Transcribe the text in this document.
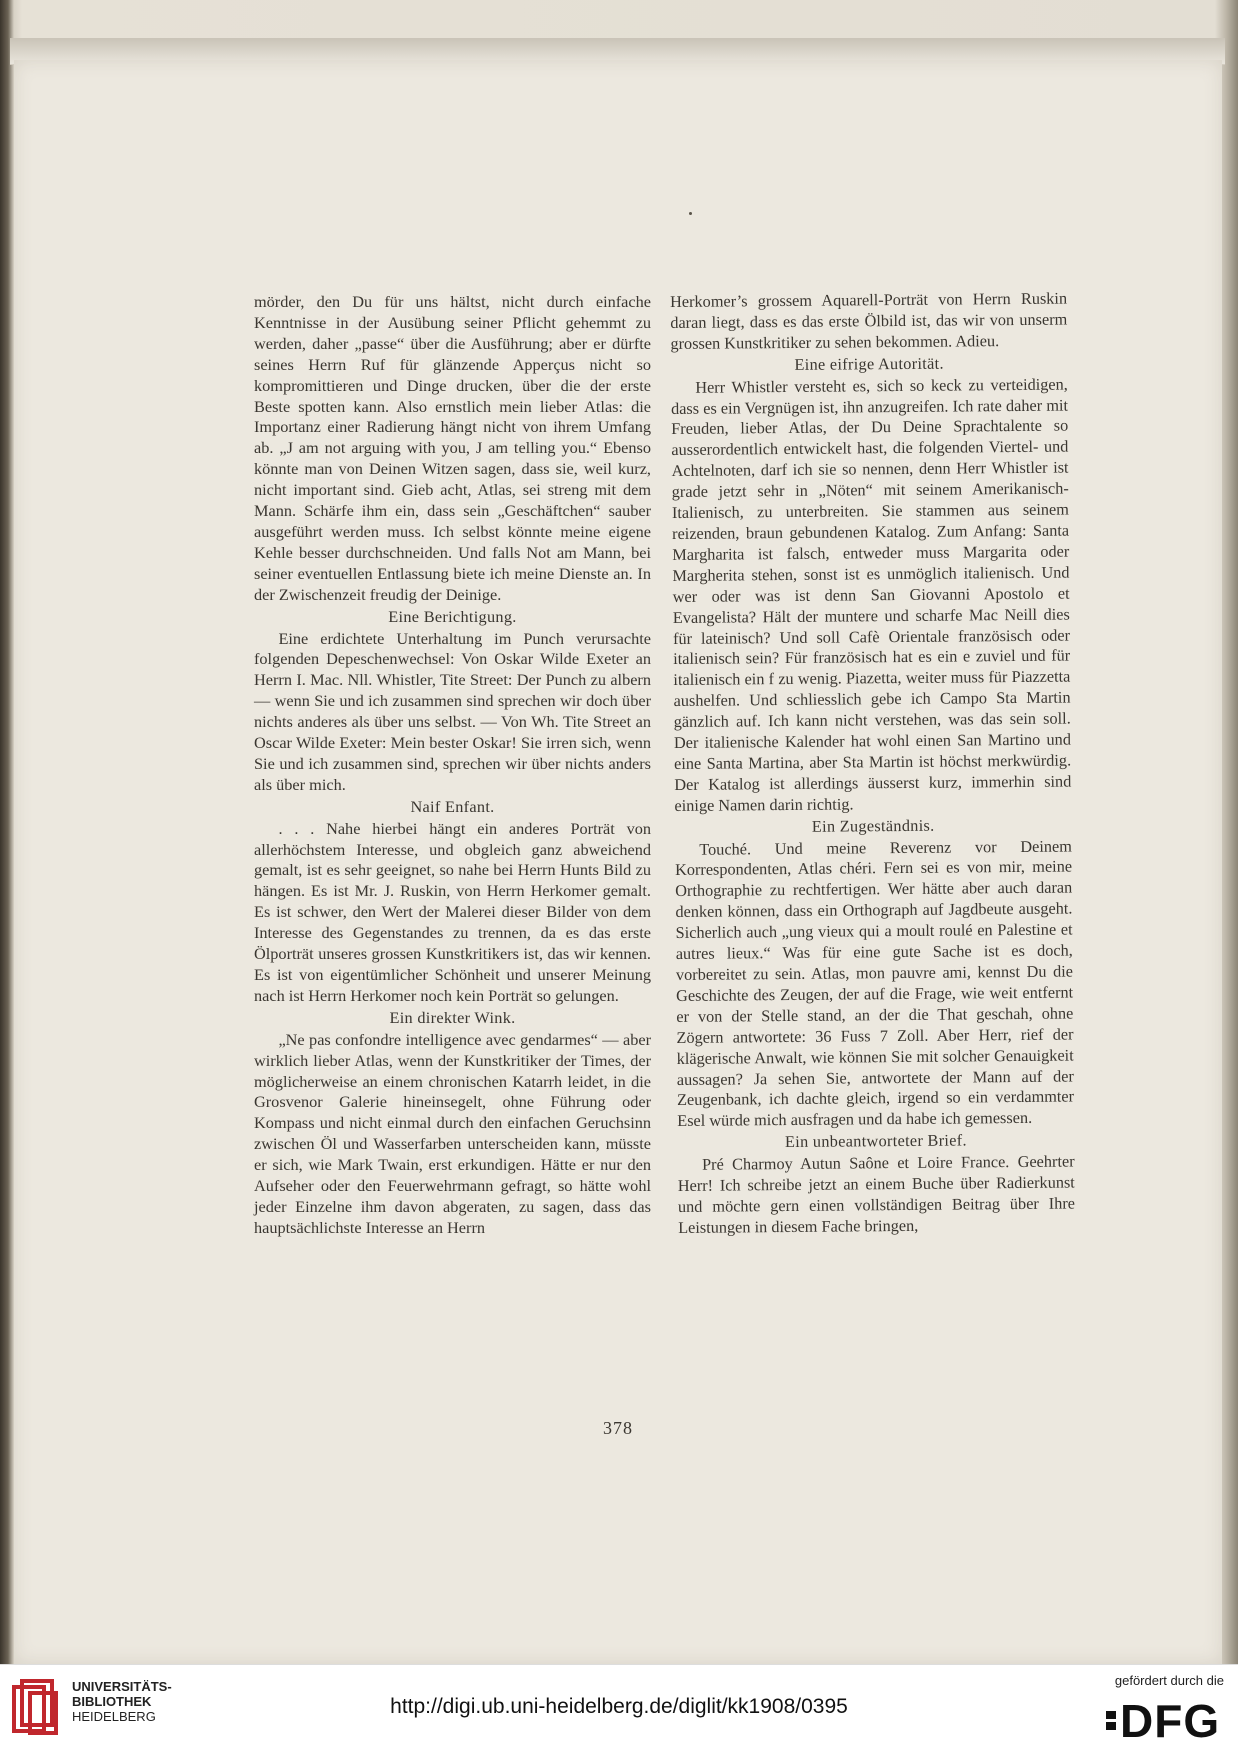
mörder, den Du für uns hältst, nicht durch einfache Kenntnisse in der Ausübung seiner Pflicht gehemmt zu werden, daher „passe“ über die Ausführung; aber er dürfte seines Herrn Ruf für glänzende Apperçus nicht so kompromittieren und Dinge drucken, über die der erste Beste spotten kann. Also ernstlich mein lieber Atlas: die Importanz einer Radierung hängt nicht von ihrem Umfang ab. „J am not arguing with you, J am telling you.“ Ebenso könnte man von Deinen Witzen sagen, dass sie, weil kurz, nicht important sind. Gieb acht, Atlas, sei streng mit dem Mann. Schärfe ihm ein, dass sein „Geschäftchen“ sauber ausgeführt werden muss. Ich selbst könnte meine eigene Kehle besser durchschneiden. Und falls Not am Mann, bei seiner eventuellen Entlassung biete ich meine Dienste an. In der Zwischenzeit freudig der Deinige.

Eine Berichtigung.

Eine erdichtete Unterhaltung im Punch verursachte folgenden Depeschenwechsel: Von Oskar Wilde Exeter an Herrn I. Mac. Nll. Whistler, Tite Street: Der Punch zu albern — wenn Sie und ich zusammen sind sprechen wir doch über nichts anderes als über uns selbst. — Von Wh. Tite Street an Oscar Wilde Exeter: Mein bester Oskar! Sie irren sich, wenn Sie und ich zusammen sind, sprechen wir über nichts anders als über mich.

Naif Enfant.

. . . Nahe hierbei hängt ein anderes Porträt von allerhöchstem Interesse, und obgleich ganz abweichend gemalt, ist es sehr geeignet, so nahe bei Herrn Hunts Bild zu hängen. Es ist Mr. J. Ruskin, von Herrn Herkomer gemalt. Es ist schwer, den Wert der Malerei dieser Bilder von dem Interesse des Gegenstandes zu trennen, da es das erste Ölporträt unseres grossen Kunstkritikers ist, das wir kennen. Es ist von eigentümlicher Schönheit und unserer Meinung nach ist Herrn Herkomer noch kein Porträt so gelungen.

Ein direkter Wink.

„Ne pas confondre intelligence avec gendarmes“ — aber wirklich lieber Atlas, wenn der Kunstkritiker der Times, der möglicherweise an einem chronischen Katarrh leidet, in die Grosvenor Galerie hineinsegelt, ohne Führung oder Kompass und nicht einmal durch den einfachen Geruchsinn zwischen Öl und Wasserfarben unterscheiden kann, müsste er sich, wie Mark Twain, erst erkundigen. Hätte er nur den Aufseher oder den Feuerwehrmann gefragt, so hätte wohl jeder Einzelne ihm davon abgeraten, zu sagen, dass das hauptsächlichste Interesse an Herrn

Herkomer’s grossem Aquarell-Porträt von Herrn Ruskin daran liegt, dass es das erste Ölbild ist, das wir von unserm grossen Kunstkritiker zu sehen bekommen. Adieu.

Eine eifrige Autorität.

Herr Whistler versteht es, sich so keck zu verteidigen, dass es ein Vergnügen ist, ihn anzugreifen. Ich rate daher mit Freuden, lieber Atlas, der Du Deine Sprachtalente so ausserordentlich entwickelt hast, die folgenden Viertel- und Achtelnoten, darf ich sie so nennen, denn Herr Whistler ist grade jetzt sehr in „Nöten“ mit seinem Amerikanisch-Italienisch, zu unterbreiten. Sie stammen aus seinem reizenden, braun gebundenen Katalog. Zum Anfang: Santa Margharita ist falsch, entweder muss Margarita oder Margherita stehen, sonst ist es unmöglich italienisch. Und wer oder was ist denn San Giovanni Apostolo et Evangelista? Hält der muntere und scharfe Mac Neill dies für lateinisch? Und soll Cafè Orientale französisch oder italienisch sein? Für französisch hat es ein e zuviel und für italienisch ein f zu wenig. Piazetta, weiter muss für Piazzetta aushelfen. Und schliesslich gebe ich Campo Sta Martin gänzlich auf. Ich kann nicht verstehen, was das sein soll. Der italienische Kalender hat wohl einen San Martino und eine Santa Martina, aber Sta Martin ist höchst merkwürdig. Der Katalog ist allerdings äusserst kurz, immerhin sind einige Namen darin richtig.

Ein Zugeständnis.

Touché. Und meine Reverenz vor Deinem Korrespondenten, Atlas chéri. Fern sei es von mir, meine Orthographie zu rechtfertigen. Wer hätte aber auch daran denken können, dass ein Orthograph auf Jagdbeute ausgeht. Sicherlich auch „ung vieux qui a moult roulé en Palestine et autres lieux.“ Was für eine gute Sache ist es doch, vorbereitet zu sein. Atlas, mon pauvre ami, kennst Du die Geschichte des Zeugen, der auf die Frage, wie weit entfernt er von der Stelle stand, an der die That geschah, ohne Zögern antwortete: 36 Fuss 7 Zoll. Aber Herr, rief der klägerische Anwalt, wie können Sie mit solcher Genauigkeit aussagen? Ja sehen Sie, antwortete der Mann auf der Zeugenbank, ich dachte gleich, irgend so ein verdammter Esel würde mich ausfragen und da habe ich gemessen.

Ein unbeantworteter Brief.

Pré Charmoy Autun Saône et Loire France. Geehrter Herr! Ich schreibe jetzt an einem Buche über Radierkunst und möchte gern einen vollständigen Beitrag über Ihre Leistungen in diesem Fache bringen,

378
UNIVERSITÄTS-
BIBLIOTHEK
HEIDELBERG	http://digi.ub.uni-heidelberg.de/diglit/kk1908/0395
gefördert durch die
DFG
